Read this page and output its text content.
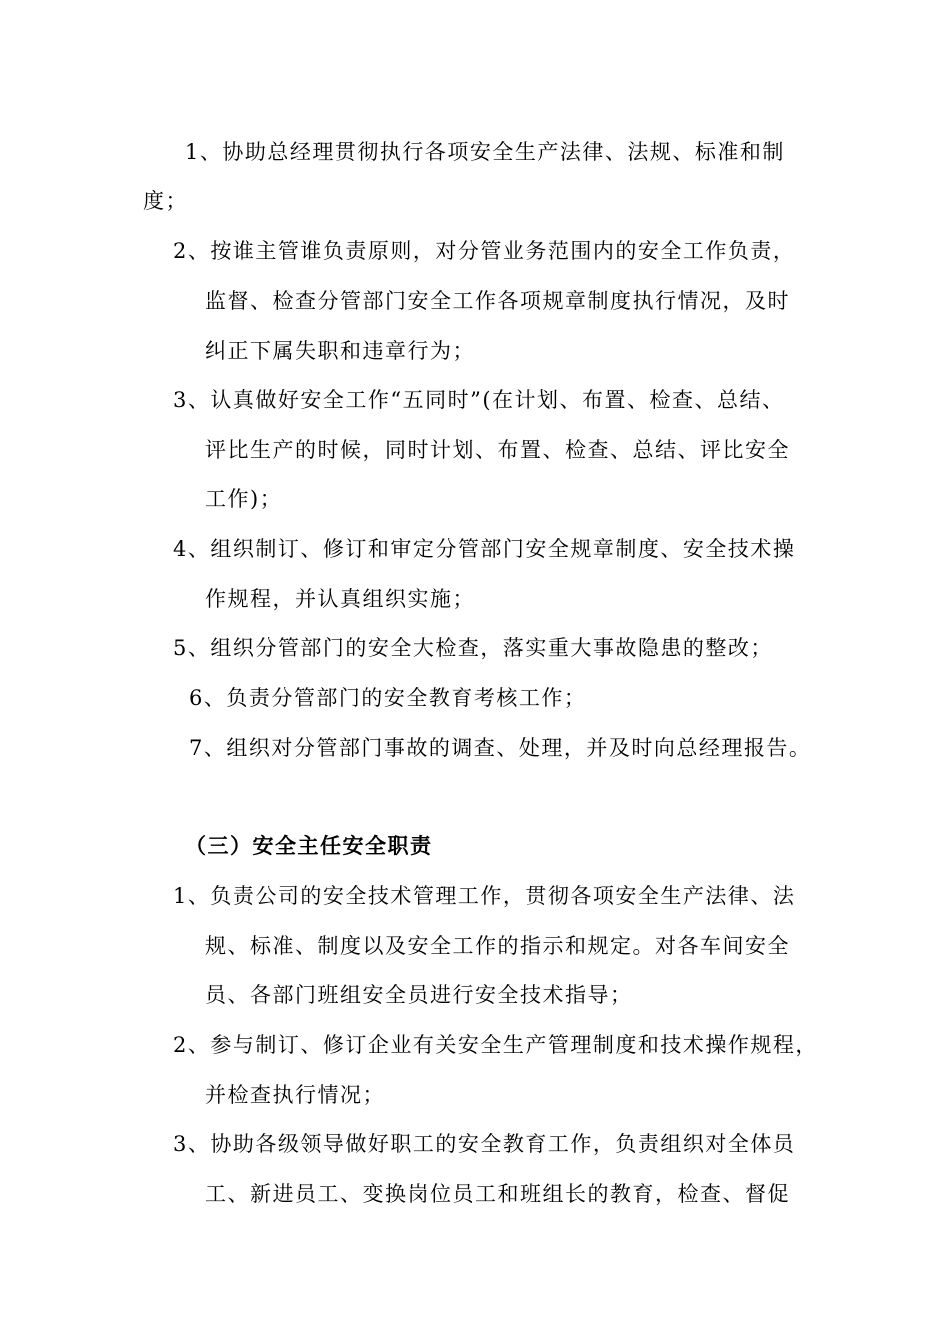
1、协助总经理贯彻执行各项安全生产法律、法规、标准和制
度；
2、按谁主管谁负责原则，对分管业务范围内的安全工作负责，
监督、检查分管部门安全工作各项规章制度执行情况，及时
纠正下属失职和违章行为；
3、认真做好安全工作“五同时”(在计划、布置、检查、总结、
评比生产的时候，同时计划、布置、检查、总结、评比安全
工作)；
4、组织制订、修订和审定分管部门安全规章制度、安全技术操
作规程，并认真组织实施；
5、组织分管部门的安全大检查，落实重大事故隐患的整改；
6、负责分管部门的安全教育考核工作；
7、组织对分管部门事故的调查、处理，并及时向总经理报告。
（三）安全主任安全职责
1、负责公司的安全技术管理工作，贯彻各项安全生产法律、法
规、标准、制度以及安全工作的指示和规定。对各车间安全
员、各部门班组安全员进行安全技术指导；
2、参与制订、修订企业有关安全生产管理制度和技术操作规程，
并检查执行情况；
3、协助各级领导做好职工的安全教育工作，负责组织对全体员
工、新进员工、变换岗位员工和班组长的教育，检查、督促
